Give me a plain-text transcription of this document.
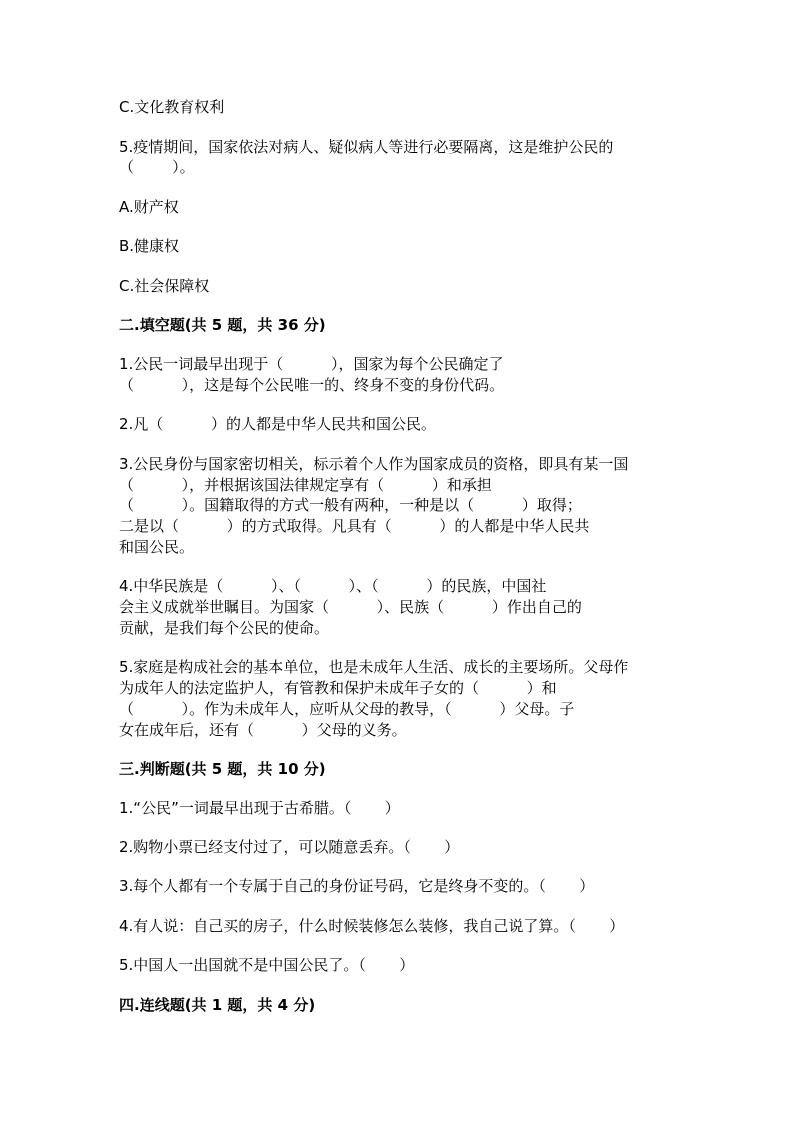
C.文化教育权利

5.疫情期间，国家依法对病人、疑似病人等进行必要隔离，这是维护公民的

（        ）。

A.财产权

B.健康权

C.社会保障权

二.填空题(共 5 题，共 36 分)

1.公民一词最早出现于（          ），国家为每个公民确定了

（          ），这是每个公民唯一的、终身不变的身份代码。

2.凡（          ）的人都是中华人民共和国公民。

3.公民身份与国家密切相关，标示着个人作为国家成员的资格，即具有某一国

（          ），并根据该国法律规定享有（          ）和承担

（          ）。国籍取得的方式一般有两种，一种是以（          ）取得；

二是以（          ）的方式取得。凡具有（          ）的人都是中华人民共

和国公民。

4.中华民族是（          ）、（          ）、（          ）的民族，中国社

会主义成就举世瞩目。为国家（          ）、民族（          ）作出自己的

贡献，是我们每个公民的使命。

5.家庭是构成社会的基本单位，也是未成年人生活、成长的主要场所。父母作

为成年人的法定监护人，有管教和保护未成年子女的（          ）和

（          ）。作为未成年人，应听从父母的教导，（          ）父母。子

女在成年后，还有（          ）父母的义务。

三.判断题(共 5 题，共 10 分)

1.“公民”一词最早出现于古希腊。（       ）

2.购物小票已经支付过了，可以随意丢弃。（       ）

3.每个人都有一个专属于自己的身份证号码，它是终身不变的。（       ）

4.有人说：自己买的房子，什么时候装修怎么装修，我自己说了算。（       ）

5.中国人一出国就不是中国公民了。（       ）

四.连线题(共 1 题，共 4 分)
